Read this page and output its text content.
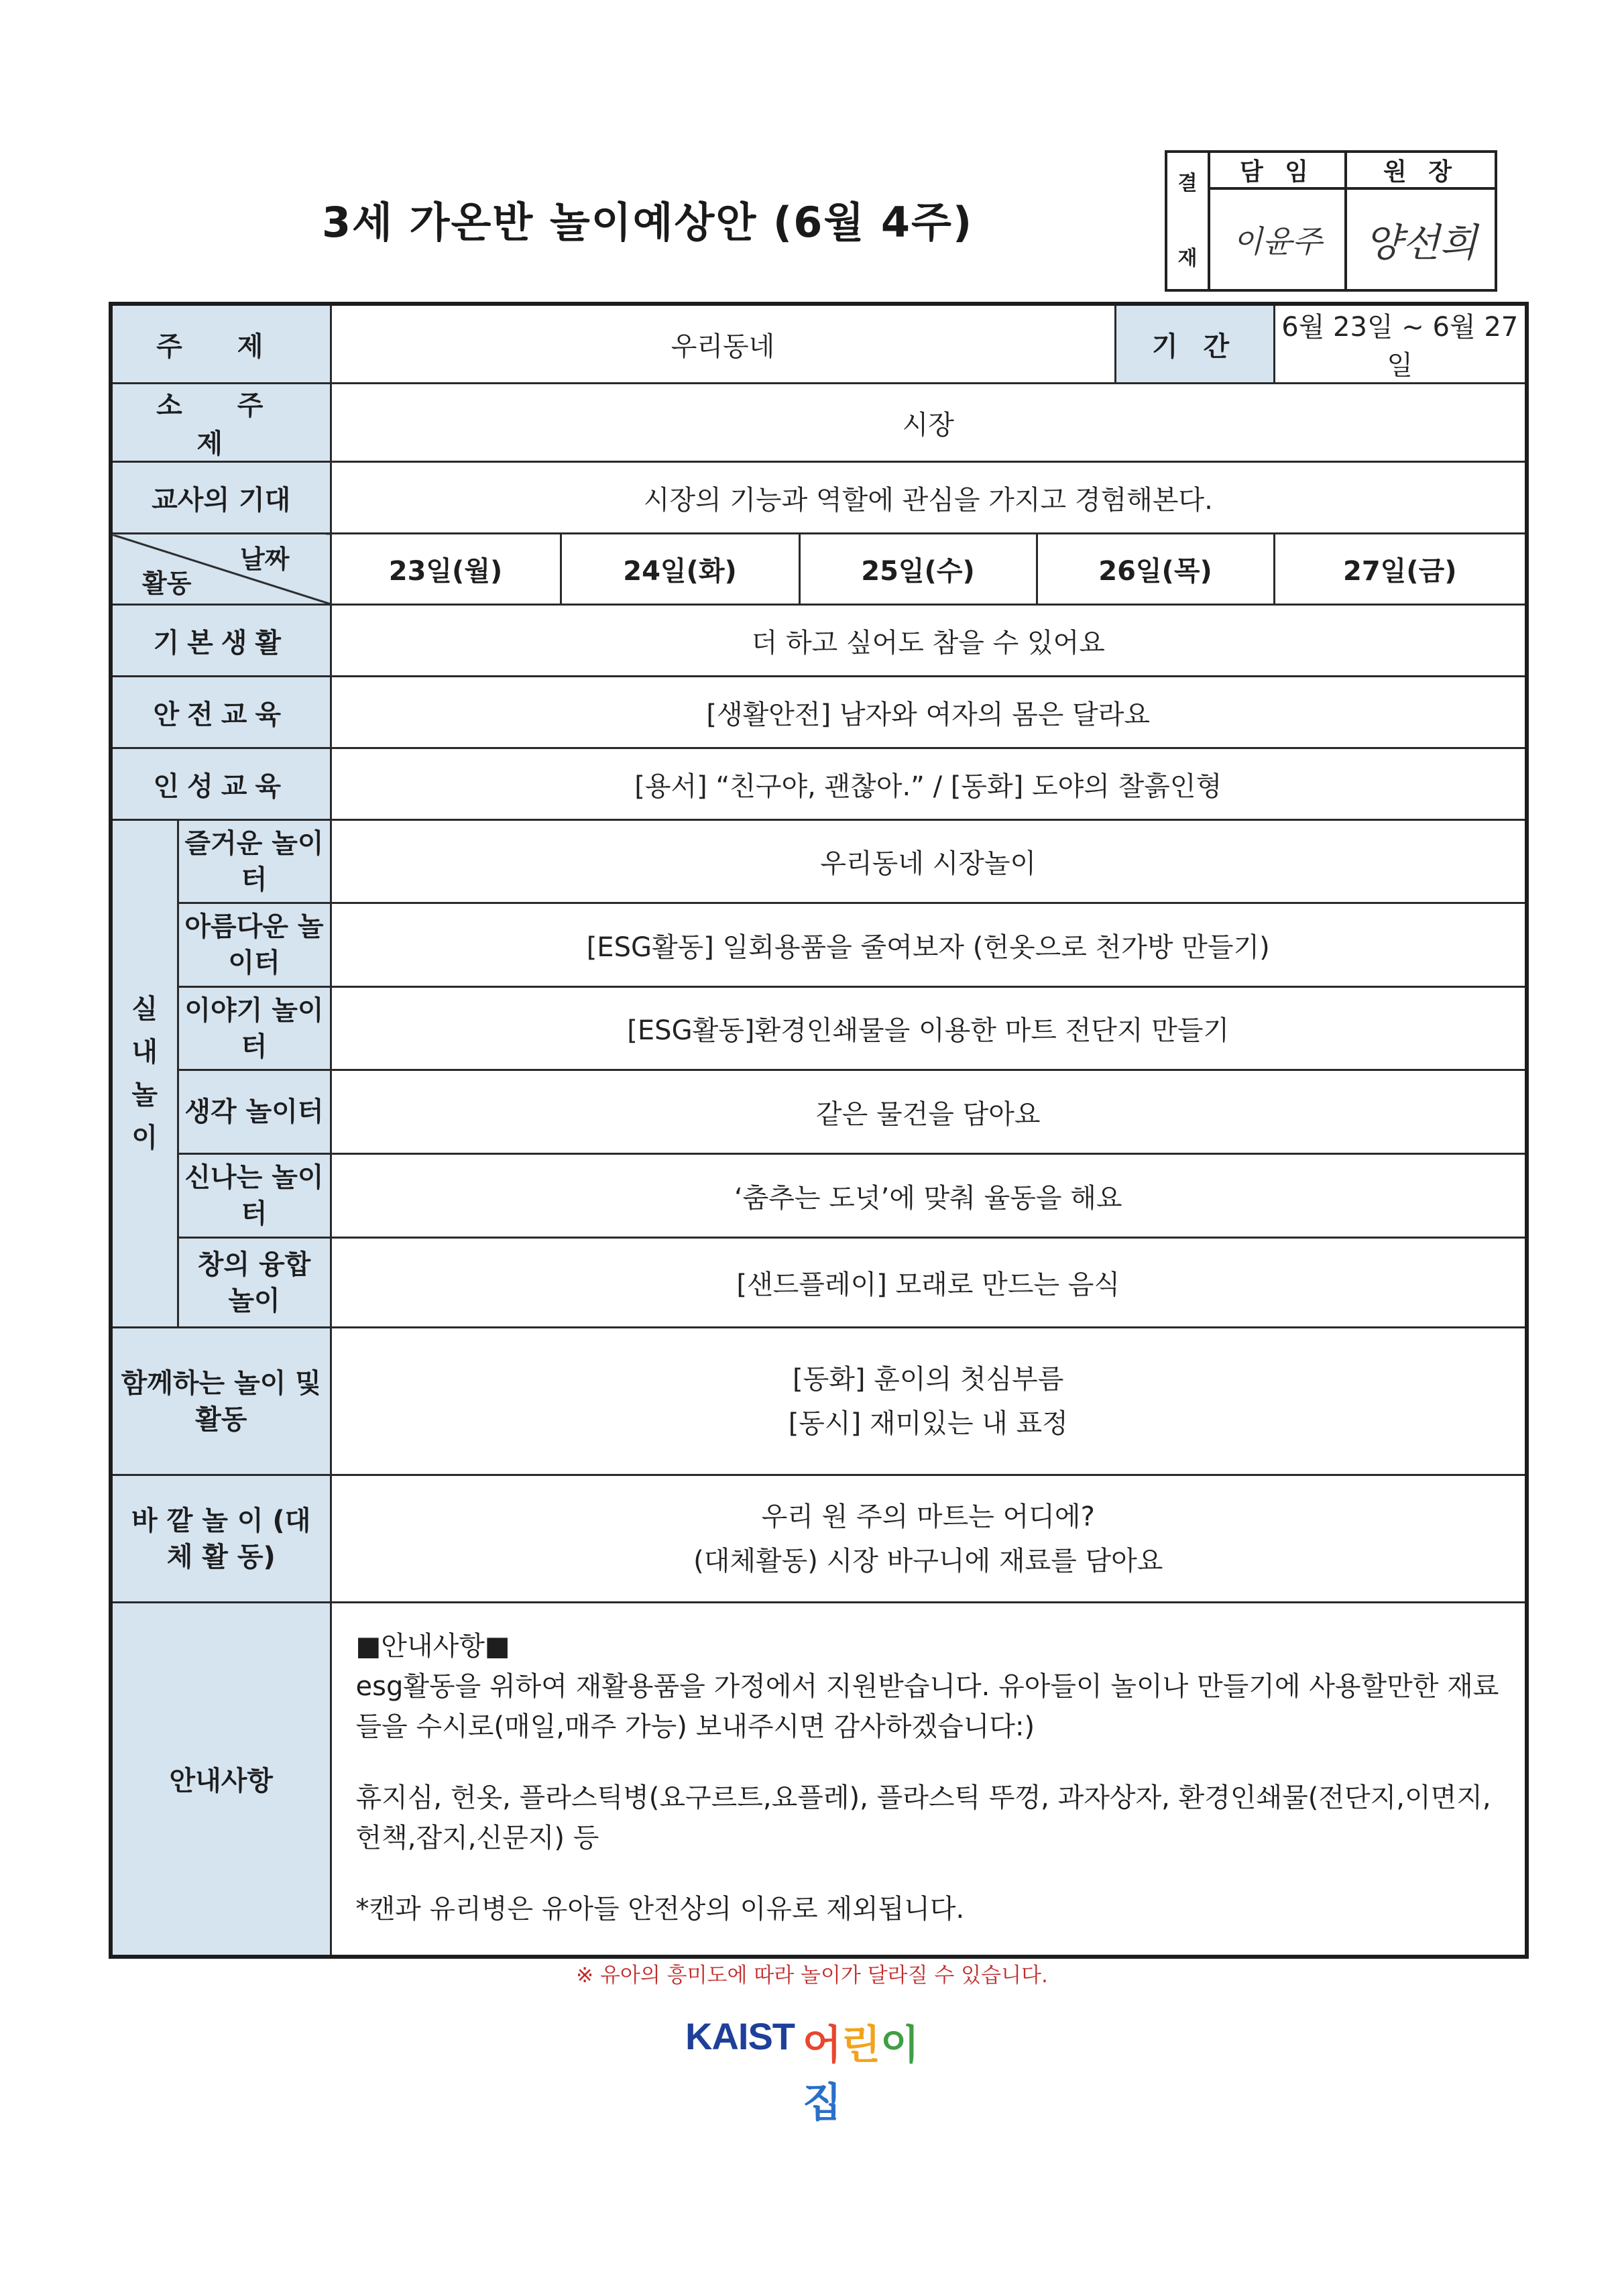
3세 가온반 놀이예상안 (6월 4주)
결

재	담 임	원 장
	이윤주	양선희
주 제		우리동네				기 간	6월 23일 ~ 6월 27일
소 주 제		시장					
교사의 기대		시장의 기능과 역할에 관심을 가지고 경험해본다.					

날짜
활동		23일(월)	24일(화)	25일(수)	26일(목)		27일(금)
기본생활		더 하고 싶어도 참을 수 있어요					
안전교육		[생활안전] 남자와 여자의 몸은 달라요					
인성교육		[용서] “친구야, 괜찮아.” / [동화] 도야의 찰흙인형					

실내놀이	즐거운 놀이터	우리동네 시장놀이					
	아름다운 놀이터	[ESG활동] 일회용품을 줄여보자 (헌옷으로 천가방 만들기)					
	이야기 놀이터	[ESG활동]환경인쇄물을 이용한 마트 전단지 만들기					
	생각 놀이터	같은 물건을 담아요					
	신나는 놀이터	‘춤추는 도넛’에 맞춰 율동을 해요					
	창의 융합 놀이	[샌드플레이] 모래로 만드는 음식					
함께하는 놀이 및 활동		[동화] 훈이의 첫심부름
[동시] 재미있는 내 표정					

바 깥 놀 이 (대 체 활 동)		우리 원 주의 마트는 어디에?
(대체활동) 시장 바구니에 재료를 담아요					

안내사항		■안내사항■

esg활동을 위하여 재활용품을 가정에서 지원받습니다. 유아들이 놀이나 만들기에 사용할만한 재료들을 수시로(매일,매주 가능) 보내주시면 감사하겠습니다:)

휴지심, 헌옷, 플라스틱병(요구르트,요플레), 플라스틱 뚜껑, 과자상자, 환경인쇄물(전단지,이면지,헌책,잡지,신문지) 등

*캔과 유리병은 유아들 안전상의 이유로 제외됩니다.					

※ 유아의 흥미도에 따라 놀이가 달라질 수 있습니다.
KAIST 어린이집
